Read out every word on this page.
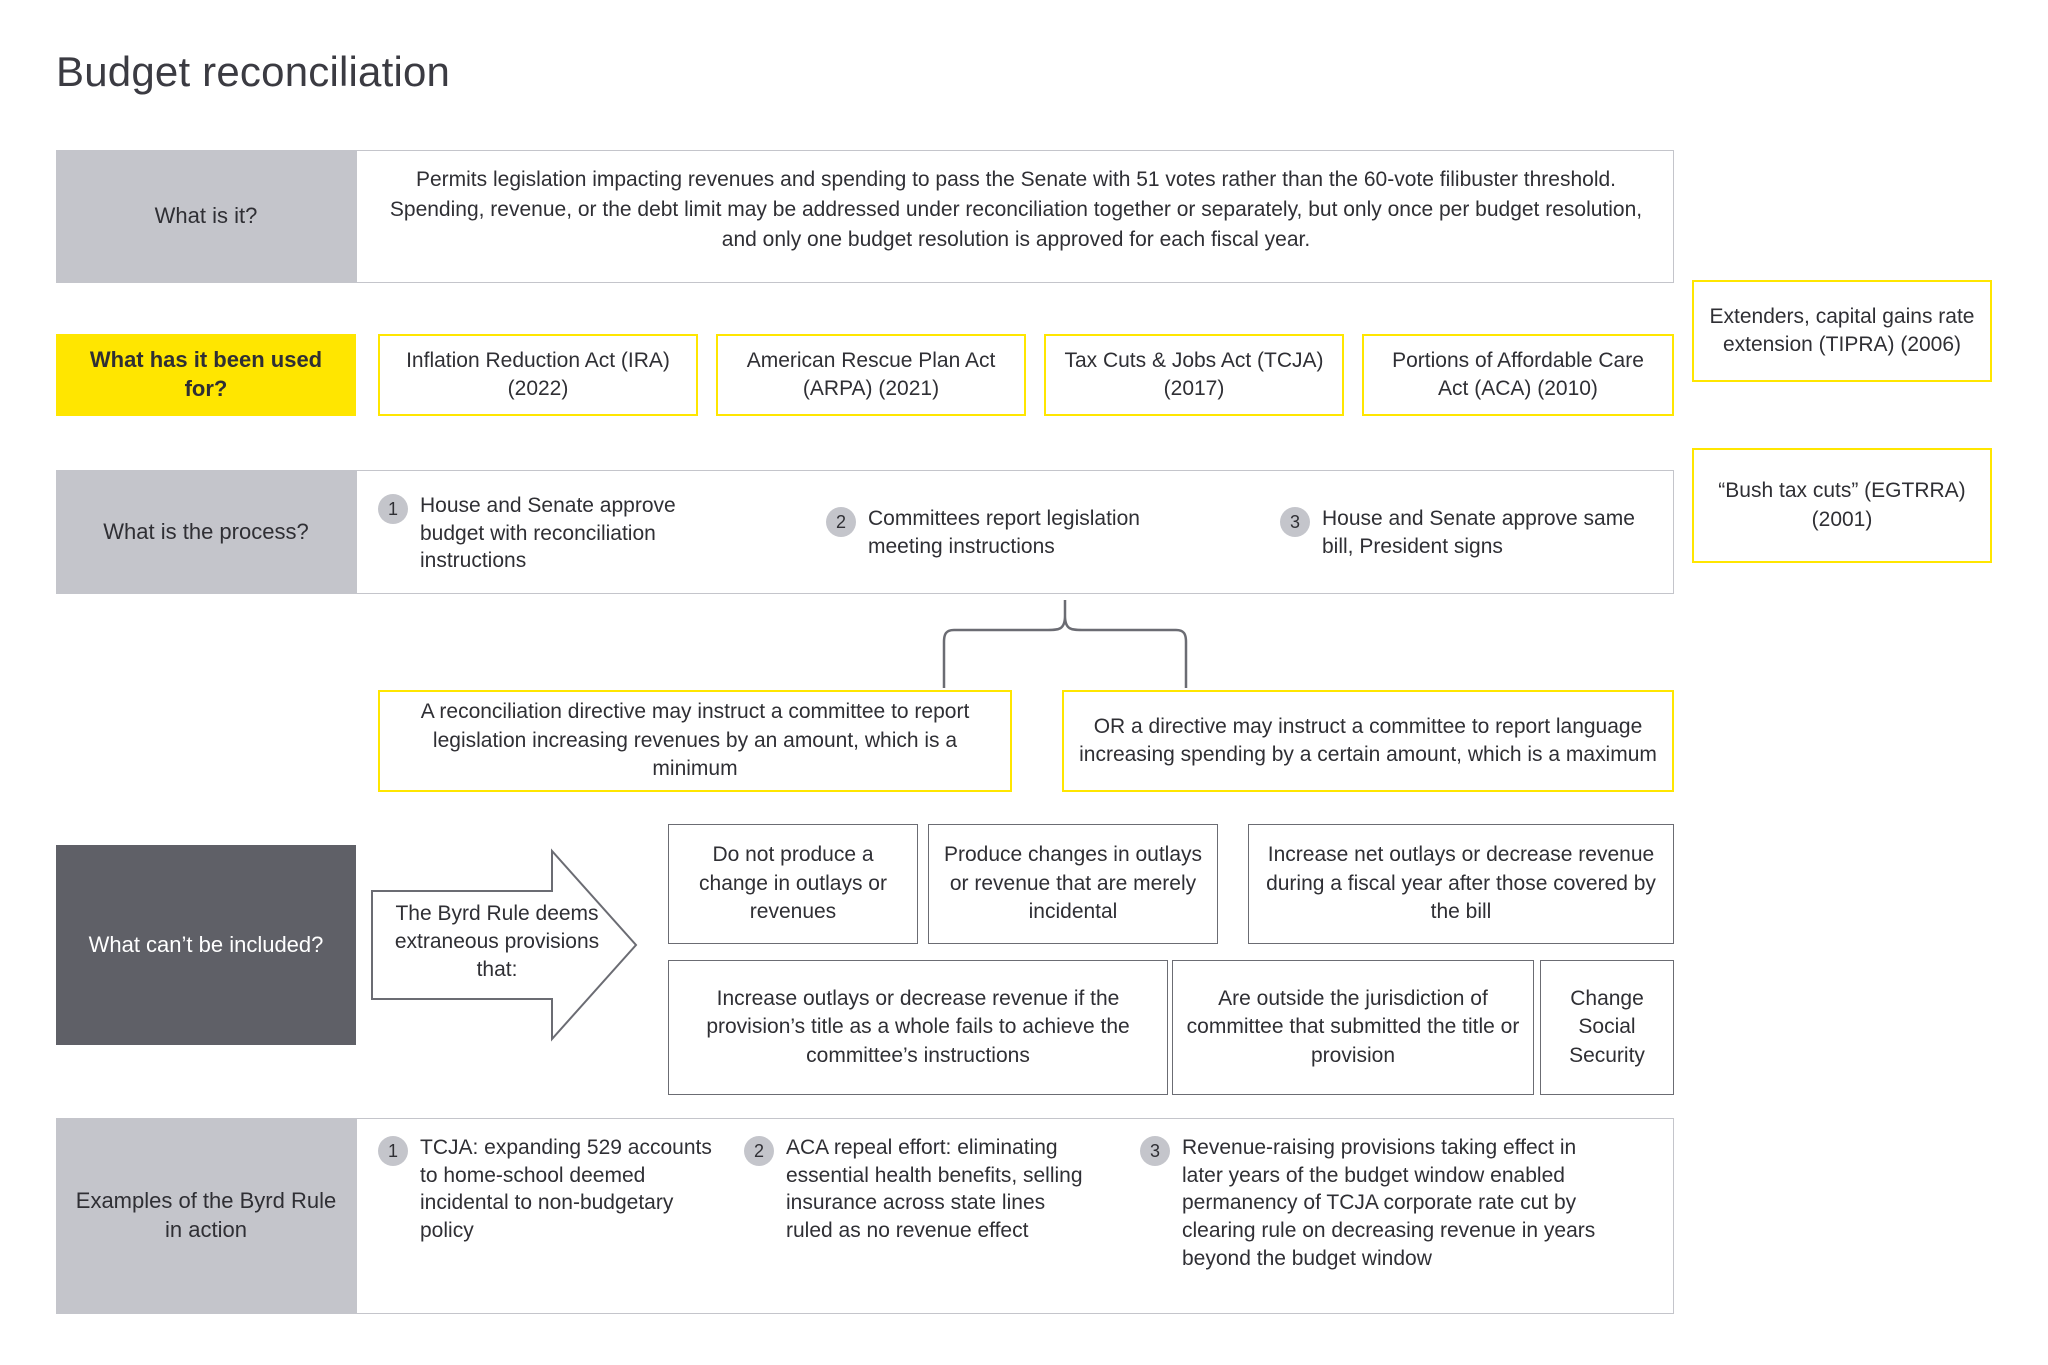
Budget reconciliation
What is it?
Permits legislation impacting revenues and spending to pass the Senate with 51 votes rather than the 60-vote filibuster threshold. Spending, revenue, or the debt limit may be addressed under reconciliation together or separately, but only once per budget resolution, and only one budget resolution is approved for each fiscal year.
What has it been used for?
Inflation Reduction Act (IRA) (2022)
American Rescue Plan Act (ARPA) (2021)
Tax Cuts & Jobs Act (TCJA) (2017)
Portions of Affordable Care Act (ACA) (2010)
Extenders, capital gains rate extension (TIPRA) (2006)
“Bush tax cuts” (EGTRRA) (2001)
What is the process?
1	House and Senate approve budget with reconciliation instructions
2	Committees report legislation meeting instructions
3	House and Senate approve same bill, President signs
A reconciliation directive may instruct a committee to report legislation increasing revenues by an amount, which is a minimum
OR a directive may instruct a committee to report language increasing spending by a certain amount, which is a maximum
What can’t be included?
The Byrd Rule deems extraneous provisions that:
Do not produce a change in outlays or revenues
Produce changes in outlays or revenue that are merely incidental
Increase net outlays or decrease revenue during a fiscal year after those covered by the bill
Increase outlays or decrease revenue if the provision’s title as a whole fails to achieve the committee’s instructions
Are outside the jurisdiction of committee that submitted the title or provision
Change Social Security
Examples of the Byrd Rule in action
1	TCJA: expanding 529 accounts to home-school deemed incidental to non-budgetary policy
2	ACA repeal effort: eliminating essential health benefits, selling insurance across state lines ruled as no revenue effect
3	Revenue-raising provisions taking effect in later years of the budget window enabled permanency of TCJA corporate rate cut by clearing rule on decreasing revenue in years beyond the budget window
